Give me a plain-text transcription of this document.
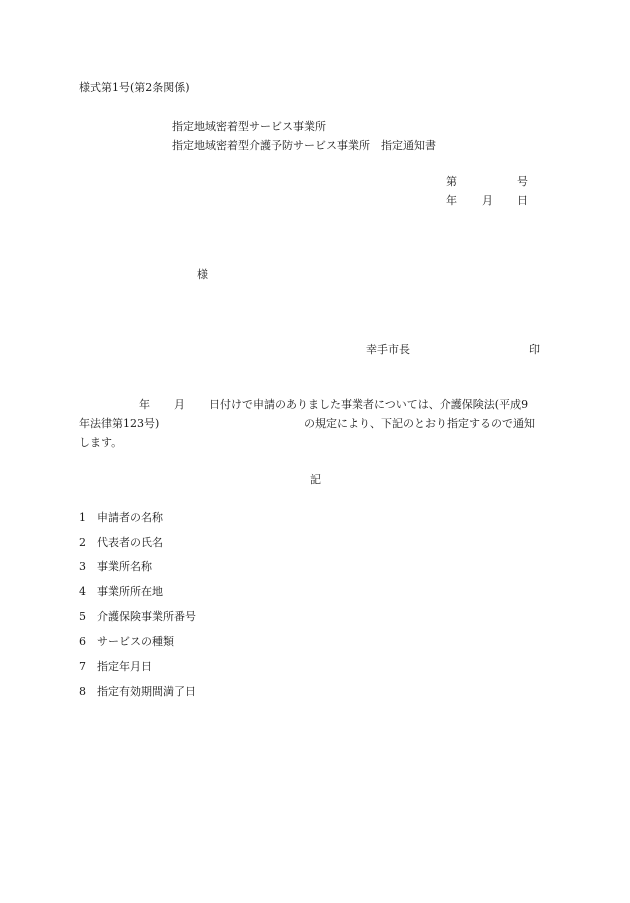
様式第1号(第2条関係)
指定地域密着型サービス事業所
指定地域密着型介護予防サービス事業所　指定通知書
第	号
年 月 日
様
幸手市長	印
年 月 日付けで申請のありました事業者については、介護保険法(平成9
年法律第123号)	の規定により、下記のとおり指定するので通知
します。
記
1 申請者の名称
2 代表者の氏名
3 事業所名称
4 事業所所在地
5 介護保険事業所番号
6 サービスの種類
7 指定年月日
8 指定有効期間満了日
